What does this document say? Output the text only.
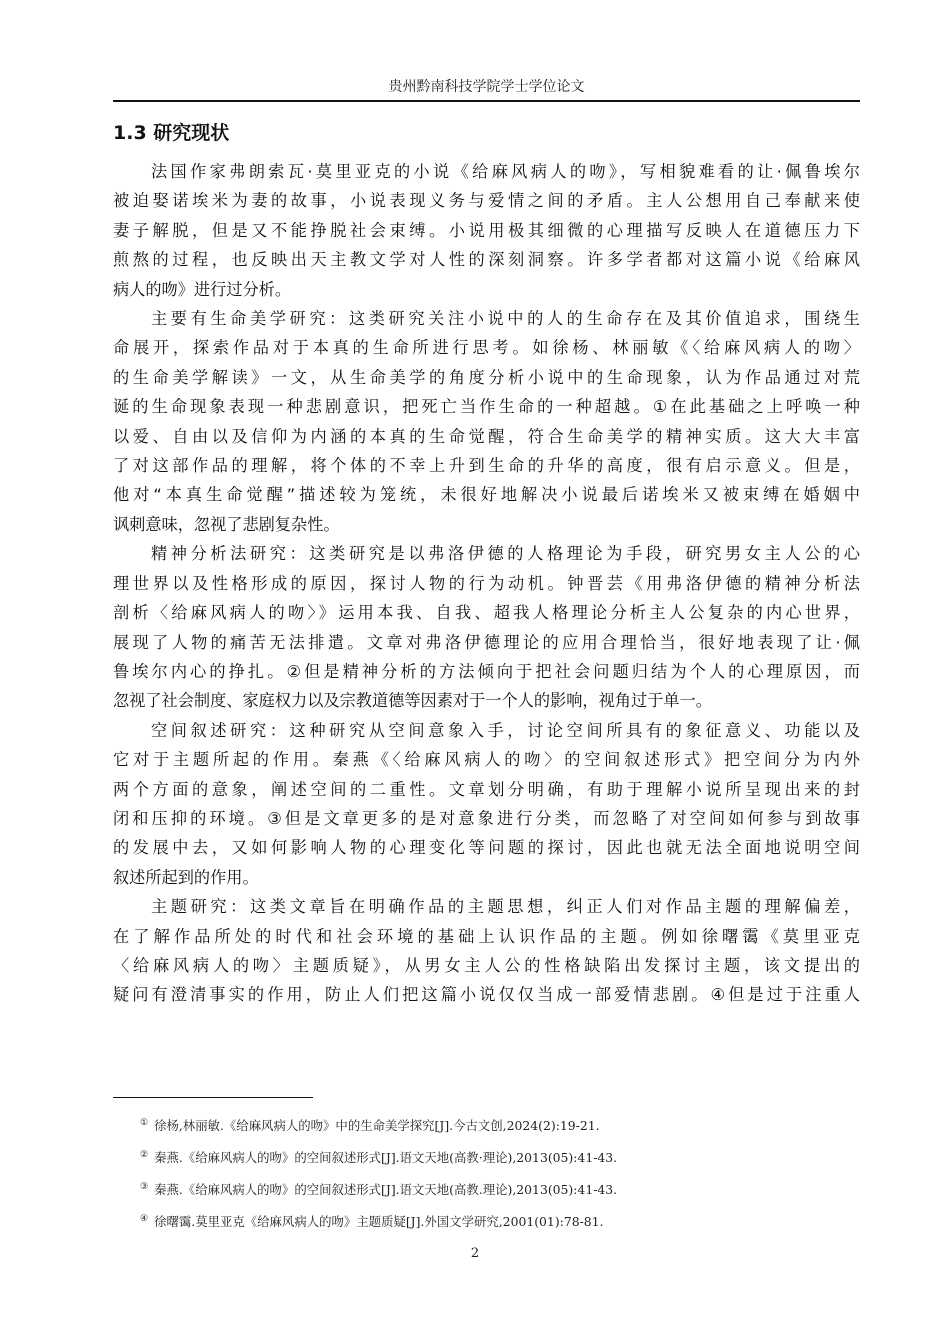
贵州黔南科技学院学士学位论文
1.3 研究现状
法国作家弗朗索瓦·莫里亚克的小说《给麻风病人的吻》，写相貌难看的让·佩鲁埃尔
被迫娶诺埃米为妻的故事，小说表现义务与爱情之间的矛盾。主人公想用自己奉献来使
妻子解脱，但是又不能挣脱社会束缚。小说用极其细微的心理描写反映人在道德压力下
煎熬的过程，也反映出天主教文学对人性的深刻洞察。许多学者都对这篇小说《给麻风
病人的吻》进行过分析。
主要有生命美学研究：这类研究关注小说中的人的生命存在及其价值追求，围绕生
命展开，探索作品对于本真的生命所进行思考。如徐杨、林丽敏《〈给麻风病人的吻〉
的生命美学解读》一文，从生命美学的角度分析小说中的生命现象，认为作品通过对荒
诞的生命现象表现一种悲剧意识，把死亡当作生命的一种超越。①在此基础之上呼唤一种
以爱、自由以及信仰为内涵的本真的生命觉醒，符合生命美学的精神实质。这大大丰富
了对这部作品的理解，将个体的不幸上升到生命的升华的高度，很有启示意义。但是，
他对“本真生命觉醒”描述较为笼统，未很好地解决小说最后诺埃米又被束缚在婚姻中
讽刺意味，忽视了悲剧复杂性。
精神分析法研究：这类研究是以弗洛伊德的人格理论为手段，研究男女主人公的心
理世界以及性格形成的原因，探讨人物的行为动机。钟晋芸《用弗洛伊德的精神分析法
剖析〈给麻风病人的吻〉》运用本我、自我、超我人格理论分析主人公复杂的内心世界，
展现了人物的痛苦无法排遣。文章对弗洛伊德理论的应用合理恰当，很好地表现了让·佩
鲁埃尔内心的挣扎。②但是精神分析的方法倾向于把社会问题归结为个人的心理原因，而
忽视了社会制度、家庭权力以及宗教道德等因素对于一个人的影响，视角过于单一。
空间叙述研究：这种研究从空间意象入手，讨论空间所具有的象征意义、功能以及
它对于主题所起的作用。秦燕《〈给麻风病人的吻〉的空间叙述形式》把空间分为内外
两个方面的意象，阐述空间的二重性。文章划分明确，有助于理解小说所呈现出来的封
闭和压抑的环境。③但是文章更多的是对意象进行分类，而忽略了对空间如何参与到故事
的发展中去，又如何影响人物的心理变化等问题的探讨，因此也就无法全面地说明空间
叙述所起到的作用。
主题研究：这类文章旨在明确作品的主题思想，纠正人们对作品主题的理解偏差，
在了解作品所处的时代和社会环境的基础上认识作品的主题。例如徐曙霭《莫里亚克
〈给麻风病人的吻〉主题质疑》，从男女主人公的性格缺陷出发探讨主题，该文提出的
疑问有澄清事实的作用，防止人们把这篇小说仅仅当成一部爱情悲剧。④但是过于注重人
① 徐杨,林丽敏.《给麻风病人的吻》中的生命美学探究[J].今古文创,2024(2):19-21.
② 秦燕.《给麻风病人的吻》的空间叙述形式[J].语文天地(高教·理论),2013(05):41-43.
③ 秦燕.《给麻风病人的吻》的空间叙述形式[J].语文天地(高教.理论),2013(05):41-43.
④ 徐曙霭.莫里亚克《给麻风病人的吻》主题质疑[J].外国文学研究,2001(01):78-81.
2
